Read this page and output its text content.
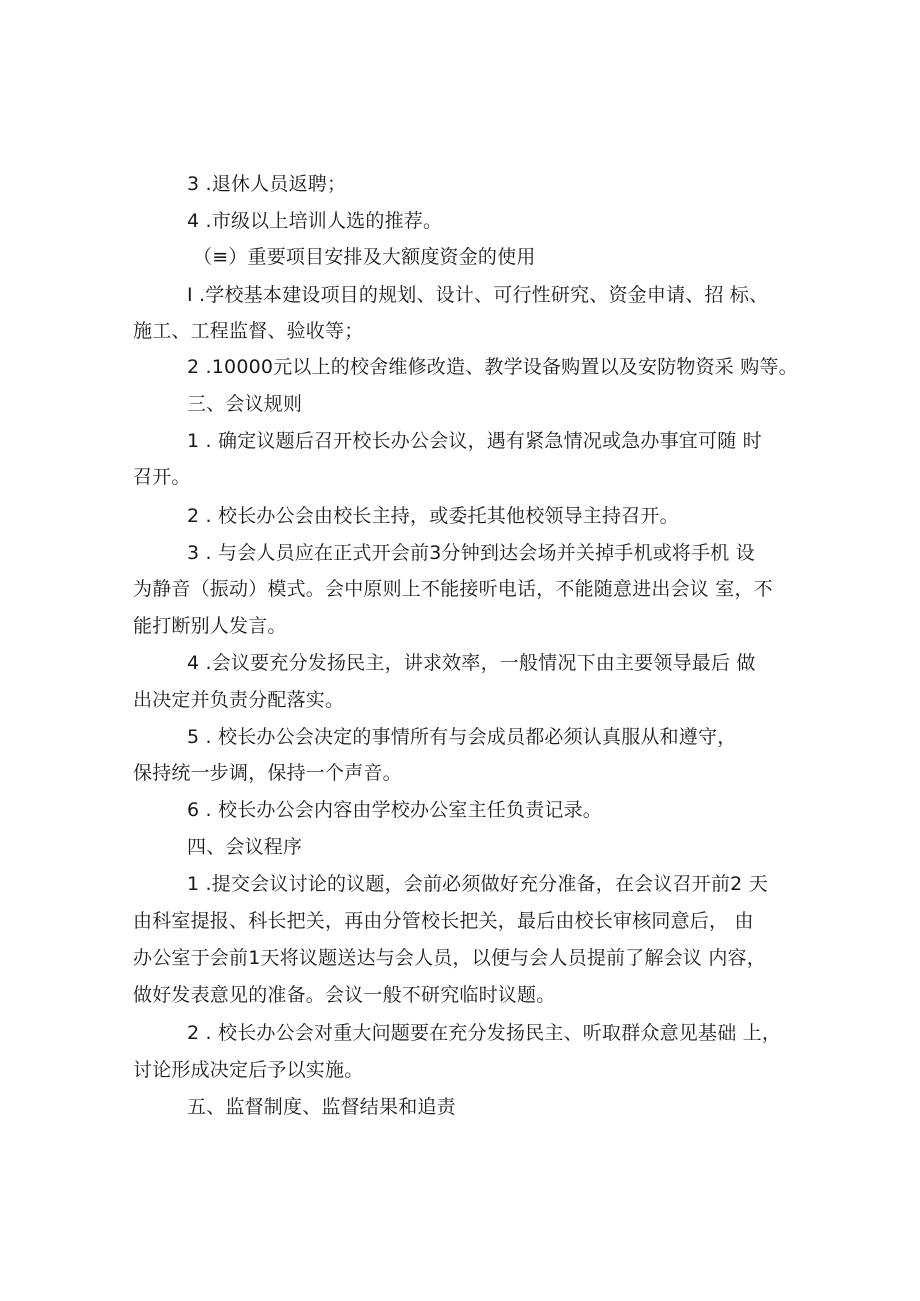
3 .退休人员返聘；
4 .市级以上培训人选的推荐。
（≡）重要项目安排及大额度资金的使用
I .学校基本建设项目的规划、设计、可行性研究、资金申请、招 标、
施工、工程监督、验收等；
2 .10000元以上的校舍维修改造、教学设备购置以及安防物资采 购等。
三、会议规则
1 . 确定议题后召开校长办公会议，遇有紧急情况或急办事宜可随 时
召开。
2 . 校长办公会由校长主持，或委托其他校领导主持召开。
3 . 与会人员应在正式开会前3分钟到达会场并关掉手机或将手机 设
为静音（振动）模式。会中原则上不能接听电话，不能随意进出会议 室，不
能打断别人发言。
4 .会议要充分发扬民主，讲求效率，一般情况下由主要领导最后 做
出决定并负责分配落实。
5 . 校长办公会决定的事情所有与会成员都必须认真服从和遵守，
保持统一步调，保持一个声音。
6 . 校长办公会内容由学校办公室主任负责记录。
四、会议程序
1 .提交会议讨论的议题，会前必须做好充分准备，在会议召开前2 天
由科室提报、科长把关，再由分管校长把关，最后由校长审核同意后， 由
办公室于会前1天将议题送达与会人员，以便与会人员提前了解会议 内容，
做好发表意见的准备。会议一般不研究临时议题。
2 . 校长办公会对重大问题要在充分发扬民主、听取群众意见基础 上，
讨论形成决定后予以实施。
五、监督制度、监督结果和追责
